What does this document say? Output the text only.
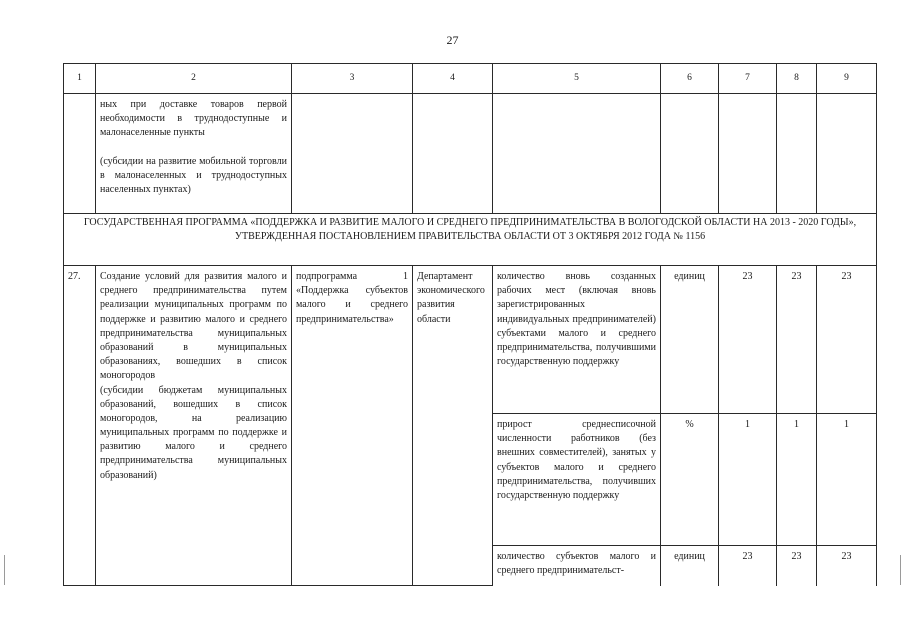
27
1	2	3	4	5	6	7	8	9

	ных при доставке товаров первой необходимости в труднодоступные и малонаселенные пункты

(субсидии на развитие мобильной торговли в малонаселенных и труднодоступных населенных пунктах)							

ГОСУДАРСТВЕННАЯ ПРОГРАММА «ПОДДЕРЖКА И РАЗВИТИЕ МАЛОГО И СРЕДНЕГО ПРЕДПРИНИМАТЕЛЬСТВА В ВОЛОГОДСКОЙ ОБЛАСТИ НА 2013 - 2020 ГОДЫ», УТВЕРЖДЕННАЯ ПОСТАНОВЛЕНИЕМ ПРАВИТЕЛЬСТВА ОБЛАСТИ ОТ 3 ОКТЯБРЯ 2012 ГОДА № 1156								
27.	Создание условий для развития малого и среднего предпринимательства путем реализации муниципальных программ по поддержке и развитию малого и среднего предпринимательства муниципальных образований в муниципальных образованиях, вошедших в список моногородов

(субсидии бюджетам муниципальных образований, вошедших в список моногородов, на реализацию муниципальных программ по поддержке и развитию малого и среднего предпринимательства муниципальных образований)	подпрограмма 1 «Поддержка субъектов малого и среднего предпринимательства»	Департамент экономического развития области	количество вновь созданных рабочих мест (включая вновь зарегистрированных индивидуальных предпринимателей) субъектами малого и среднего предпринимательства, получившими государственную поддержку	единиц	23	23	23
				прирост среднесписочной численности работников (без внешних совместителей), занятых у субъектов малого и среднего предпринимательства, получивших государственную поддержку	%	1	1	1
				количество субъектов малого и среднего предпринимательст-	единиц	23	23	23
